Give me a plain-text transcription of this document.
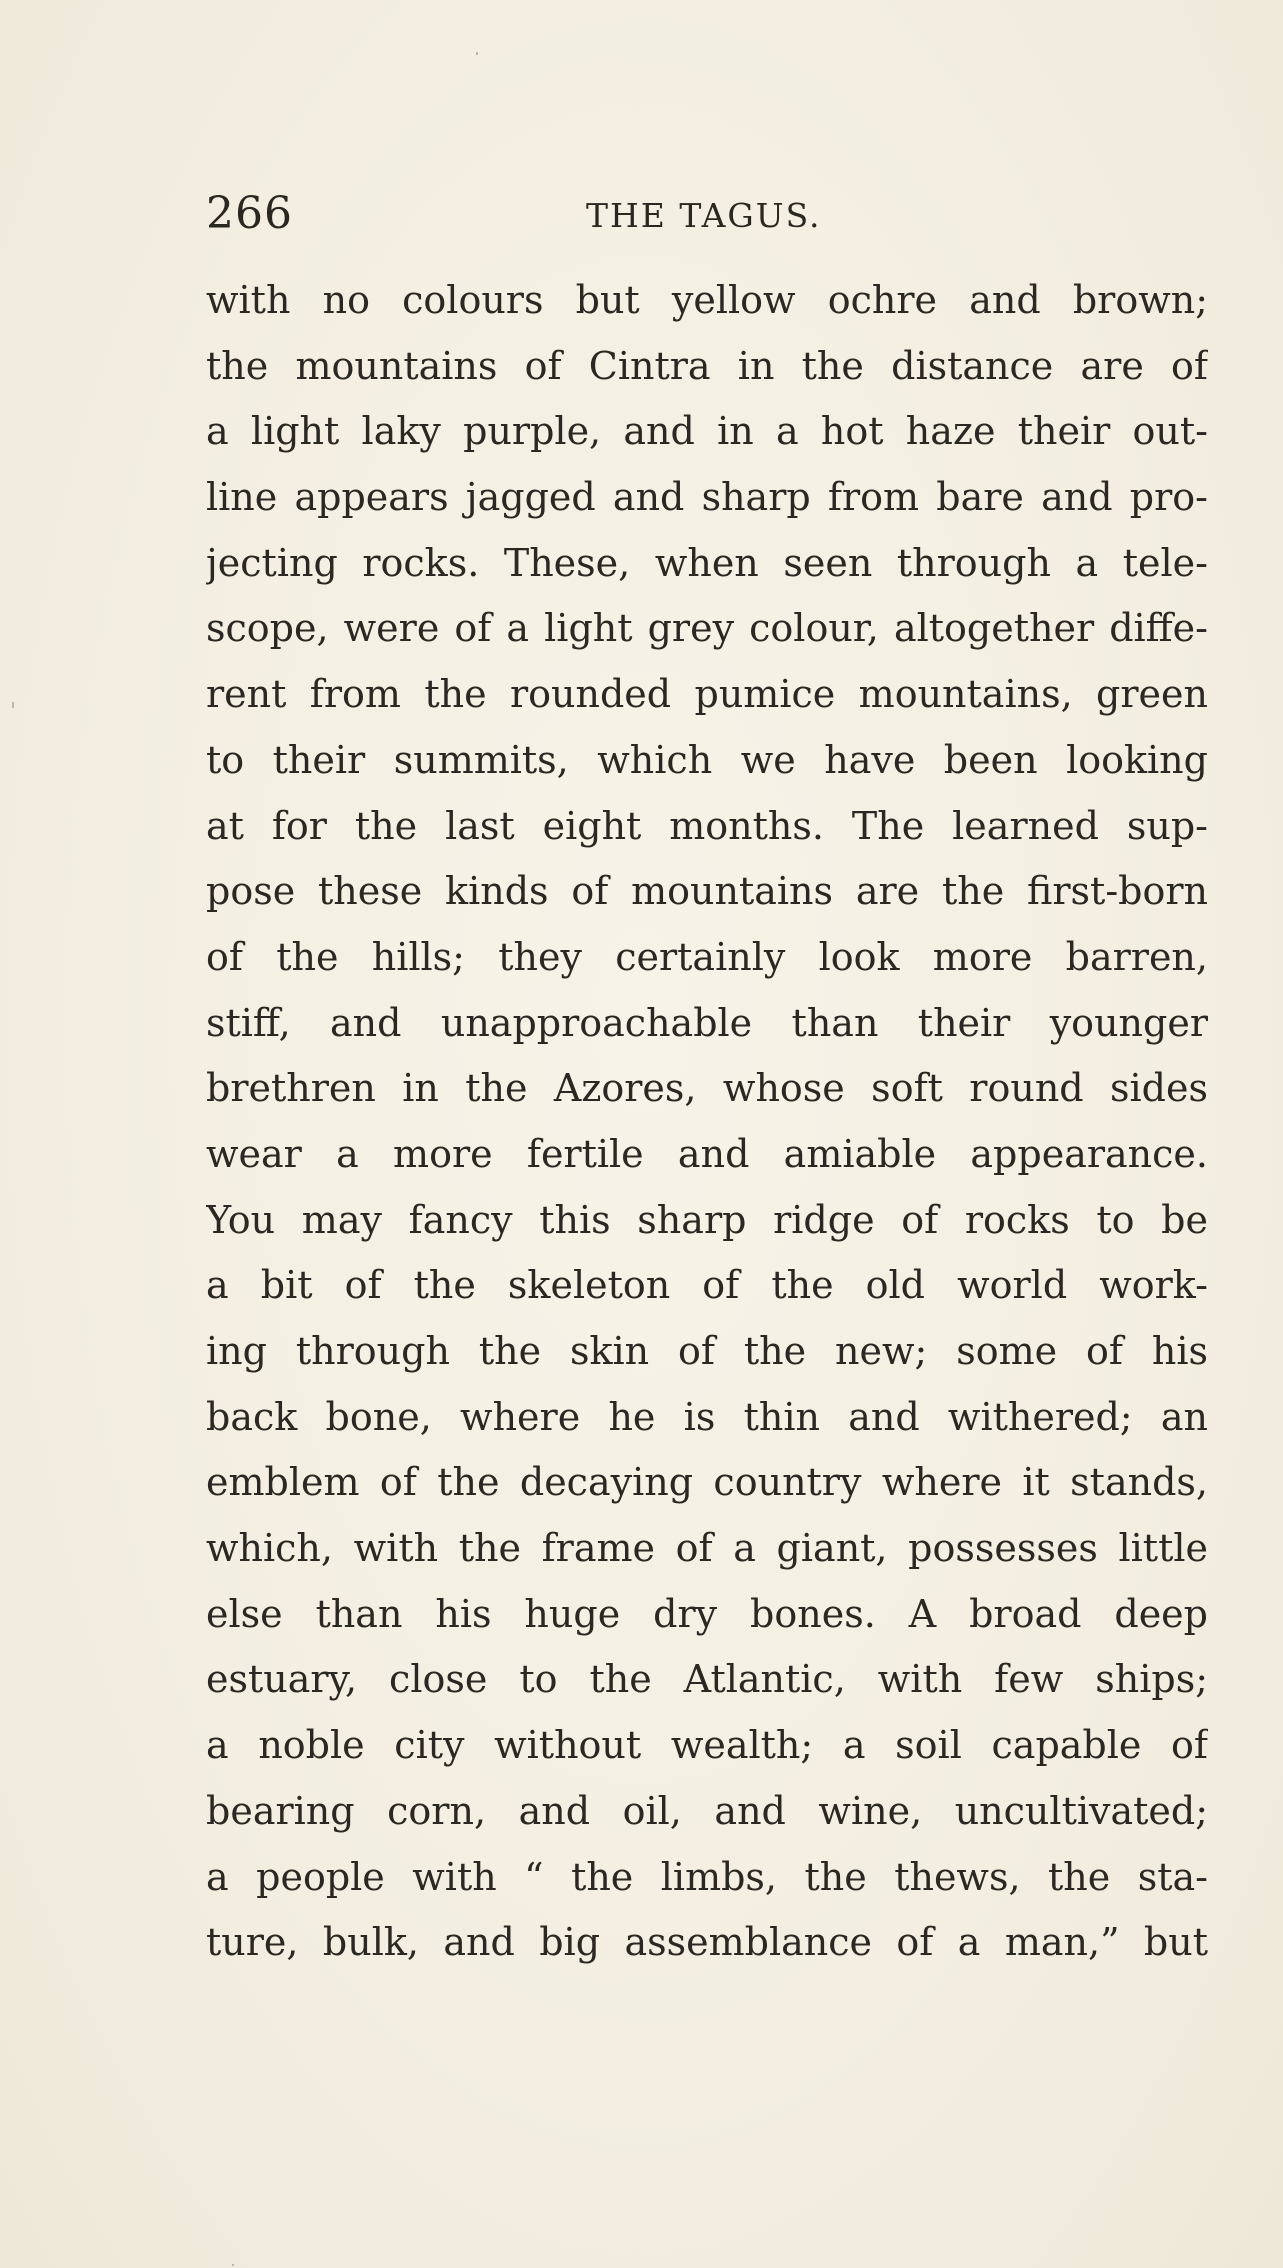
266	THE TAGUS.
with no colours but yellow ochre and brown;
the mountains of Cintra in the distance are of
a light laky purple, and in a hot haze their out-
line appears jagged and sharp from bare and pro-
jecting rocks. These, when seen through a tele-
scope, were of a light grey colour, altogether diffe-
rent from the rounded pumice mountains, green
to their summits, which we have been looking
at for the last eight months. The learned sup-
pose these kinds of mountains are the first-born
of the hills; they certainly look more barren,
stiff, and unapproachable than their younger
brethren in the Azores, whose soft round sides
wear a more fertile and amiable appearance.
You may fancy this sharp ridge of rocks to be
a bit of the skeleton of the old world work-
ing through the skin of the new; some of his
back bone, where he is thin and withered; an
emblem of the decaying country where it stands,
which, with the frame of a giant, possesses little
else than his huge dry bones. A broad deep
estuary, close to the Atlantic, with few ships;
a noble city without wealth; a soil capable of
bearing corn, and oil, and wine, uncultivated;
a people with “ the limbs, the thews, the sta-
ture, bulk, and big assemblance of a man,” but
